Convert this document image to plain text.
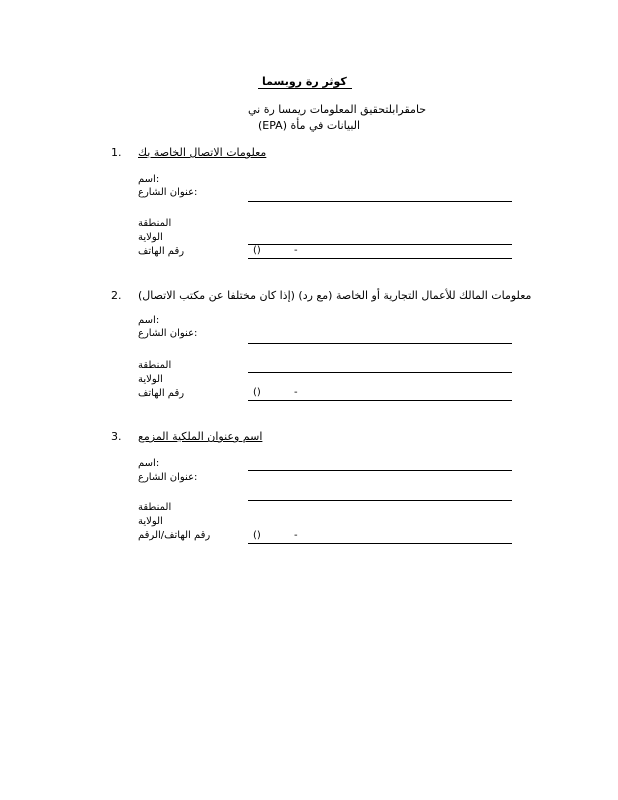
كوثر رة روبسما
حامقرابلتحقيق المعلومات ريمسا رة ني
(EPA) البيانات في مأة
1. معلومات الاتصال الخاصة بك
اسم:
عنوان الشارع:
المنطقة
الولاية
رقم الهاتف	()	-
2. (إذا كان مختلفا عن مكتب الاتصال) معلومات المالك للأعمال التجارية أو الخاصة (مع رد)
اسم:
عنوان الشارع:
المنطقة
الولاية
رقم الهاتف	()	-
3. اسم وعنوان الملكية المزمع
اسم:
عنوان الشارع:
المنطقة
الولاية
رقم الهاتف/الرقم	()	-
